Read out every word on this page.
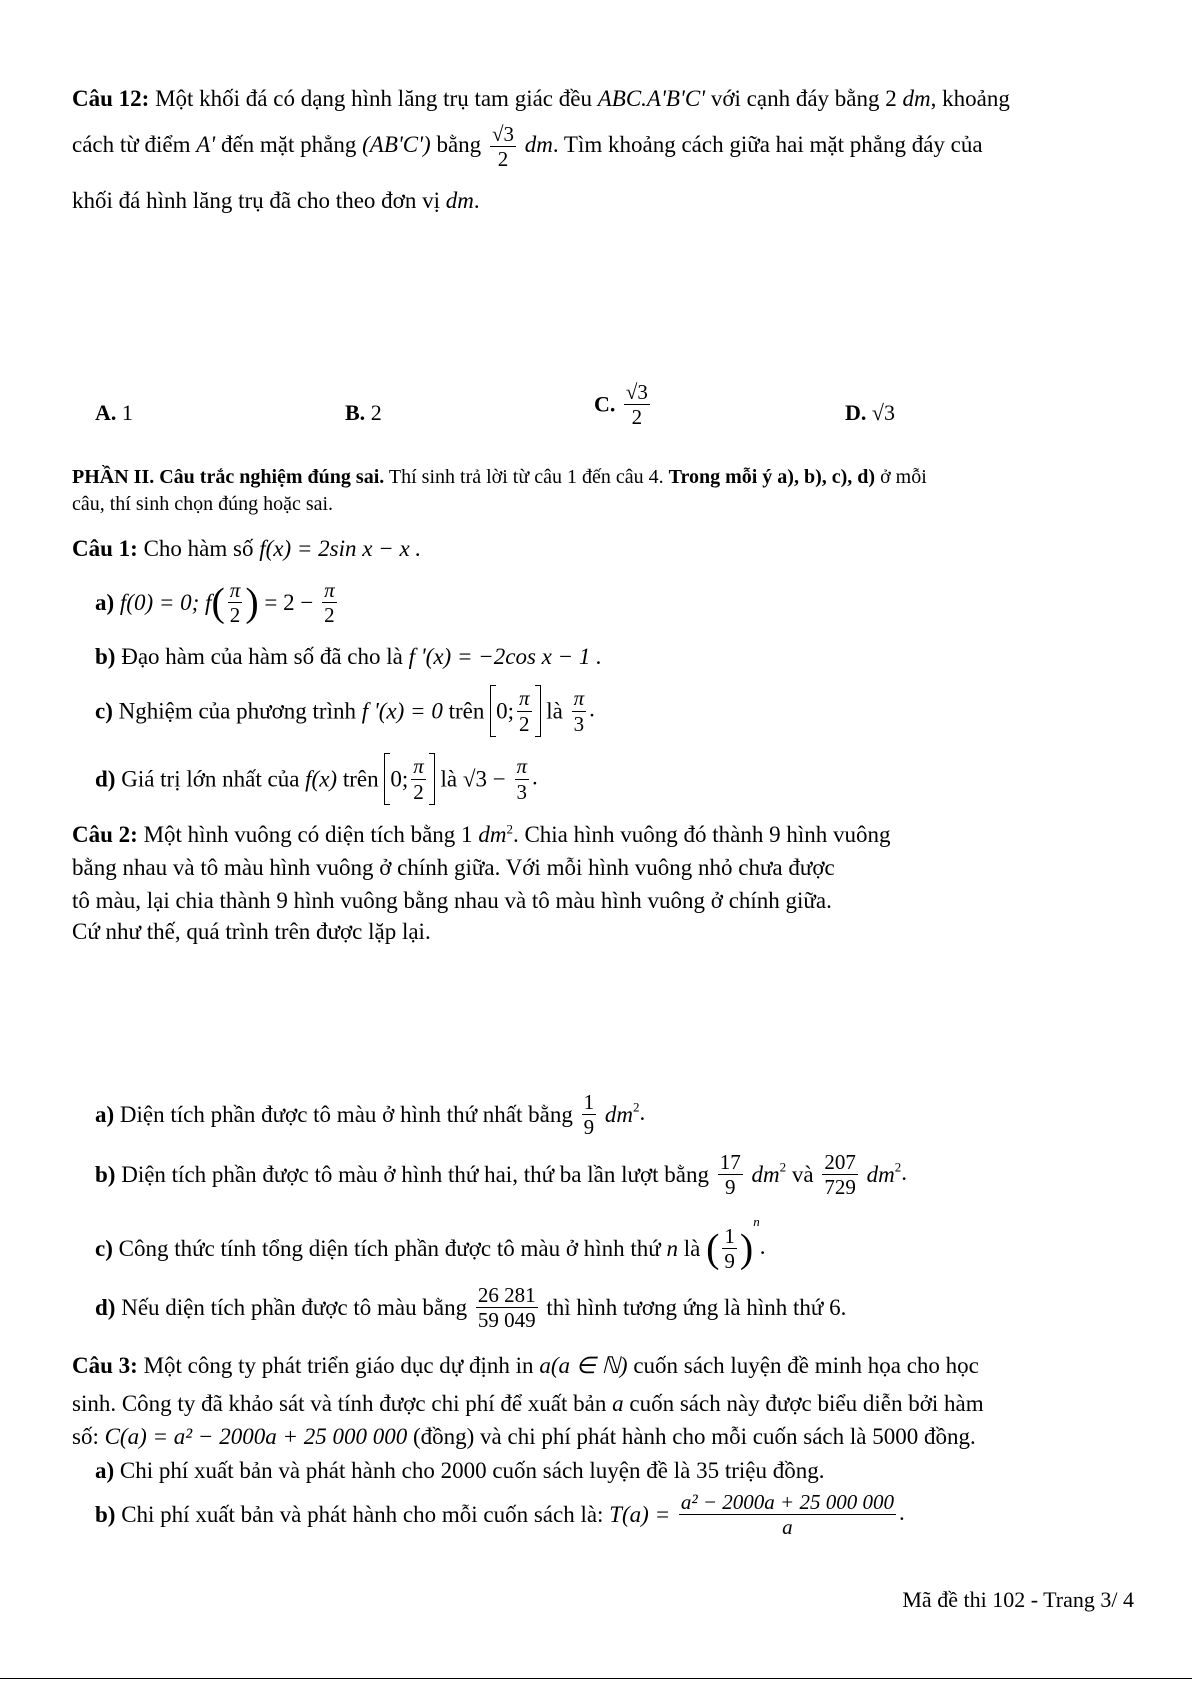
Câu 12: Một khối đá có dạng hình lăng trụ tam giác đều ABC.A'B'C' với cạnh đáy bằng 2 dm, khoảng
cách từ điểm A' đến mặt phẳng (AB'C') bằng $\frac{√3}{2}$ dm. Tìm khoảng cách giữa hai mặt phẳng đáy của
khối đá hình lăng trụ đã cho theo đơn vị dm.
A. 1	B. 2	C. $\frac{√3}{2}$	D. √3
PHẦN II. Câu trắc nghiệm đúng sai. Thí sinh trả lời từ câu 1 đến câu 4. Trong mỗi ý a), b), c), d) ở mỗi
câu, thí sinh chọn đúng hoặc sai.
Câu 1: Cho hàm số f(x) = 2sin x − x .
a) f(0) = 0; $f( \frac{\pi}{2}$ ) = $2 - \frac{\pi}{2}$
b) Đạo hàm của hàm số đã cho là f '(x) = −2cos x − 1 .
c) Nghiệm của phương trình f '(x) = 0 trên 0; $\frac{\pi}{2}$ là $\frac{\pi}{3}$ .
d) Giá trị lớn nhất của f(x) trên 0; $\frac{\pi}{2}$ là $√3 - \frac{\pi}{3}$ .
Câu 2: Một hình vuông có diện tích bằng 1 $dm^2$. Chia hình vuông đó thành 9 hình vuông
bằng nhau và tô màu hình vuông ở chính giữa. Với mỗi hình vuông nhỏ chưa được
tô màu, lại chia thành 9 hình vuông bằng nhau và tô màu hình vuông ở chính giữa.
Cứ như thế, quá trình trên được lặp lại.
a) Diện tích phần được tô màu ở hình thứ nhất bằng $\frac{1}{9} dm^2$.
b) Diện tích phần được tô màu ở hình thứ hai, thứ ba lần lượt bằng $\frac{17}{9} dm^2$ và $\frac{207}{729} dm^2$.
c) Công thức tính tổng diện tích phần được tô màu ở hình thứ n là ( $\frac{1}{9} )^n$.
d) Nếu diện tích phần được tô màu bằng $\frac{26 281}{59 049}$ thì hình tương ứng là hình thứ 6.
Câu 3: Một công ty phát triển giáo dục dự định in a(a ∈ ℕ) cuốn sách luyện đề minh họa cho học
sinh. Công ty đã khảo sát và tính được chi phí để xuất bản a cuốn sách này được biểu diễn bởi hàm
số: C(a) = a² − 2000a + 25 000 000 (đồng) và chi phí phát hành cho mỗi cuốn sách là 5000 đồng.
a) Chi phí xuất bản và phát hành cho 2000 cuốn sách luyện đề là 35 triệu đồng.
b) Chi phí xuất bản và phát hành cho mỗi cuốn sách là: $T(a) = \frac{\text{a² − 2000a + 25 000 000}}{a}$ .
Mã đề thi 102 - Trang 3/ 4
